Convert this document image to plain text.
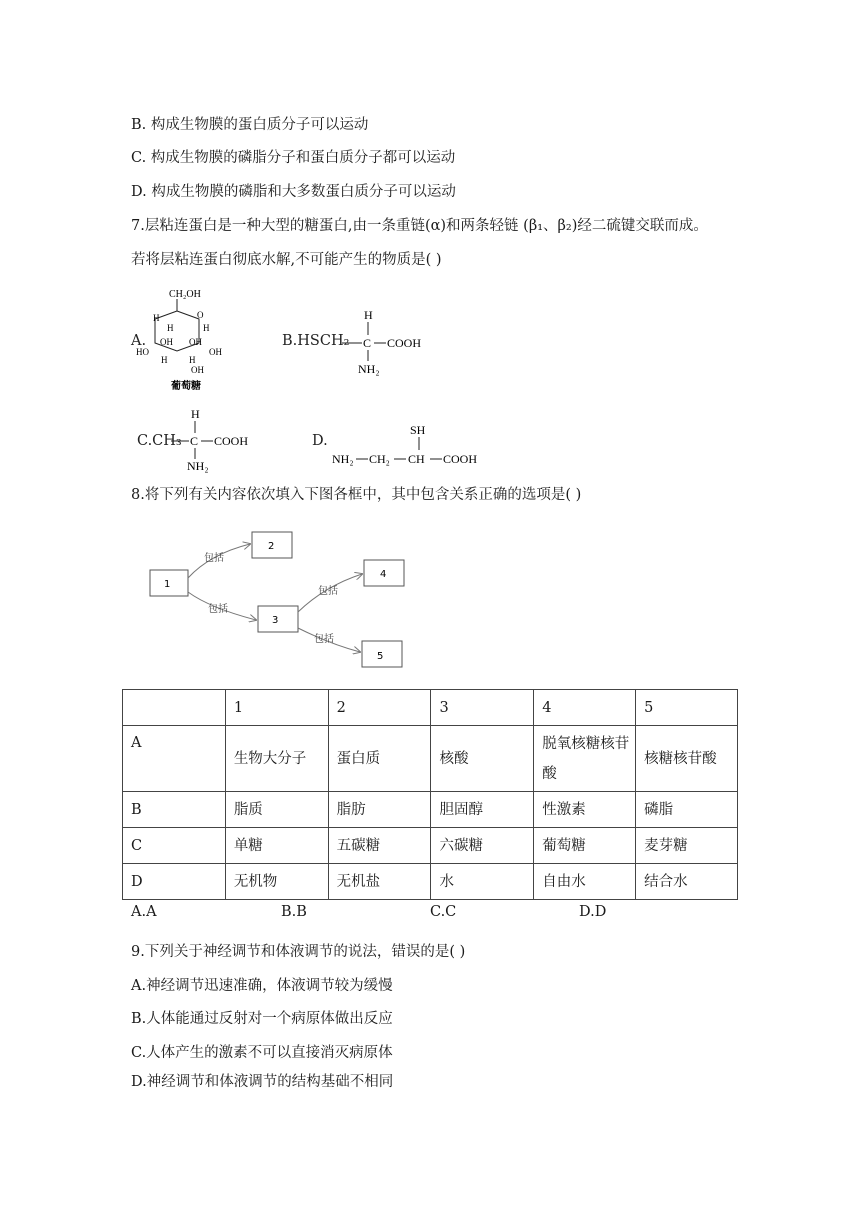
B. 构成生物膜的蛋白质分子可以运动
C. 构成生物膜的磷脂分子和蛋白质分子都可以运动
D. 构成生物膜的磷脂和大多数蛋白质分子可以运动
7.层粘连蛋白是一种大型的糖蛋白,由一条重链(α)和两条轻链 (β₁、β₂)经二硫键交联而成。
若将层粘连蛋白彻底水解,不可能产生的物质是( )
A.
CH₂OH
O
H
H	H
HO
OH OH
OH
H H
OH
葡萄糖
B.HSCH₂
H
C COOH
NH₂
C.CH₃
H
C COOH
NH₂
D.
SH
NH₂ CH₂ CH COOH
8.将下列有关内容依次填入下图各框中，其中包含关系正确的选项是( )
1
2
3
4
5
包括
包括
包括
包括
	1	2	3	4	5
A	生物大分子	蛋白质	核酸	脱氧核糖核苷酸	核糖核苷酸
B	脂质	脂肪	胆固醇	性激素	磷脂
C	单糖	五碳糖	六碳糖	葡萄糖	麦芽糖
D	无机物	无机盐	水	自由水	结合水
A.A	B.B	C.C	D.D
9.下列关于神经调节和体液调节的说法，错误的是( )
A.神经调节迅速准确，体液调节较为缓慢
B.人体能通过反射对一个病原体做出反应
C.人体产生的激素不可以直接消灭病原体
D.神经调节和体液调节的结构基础不相同
